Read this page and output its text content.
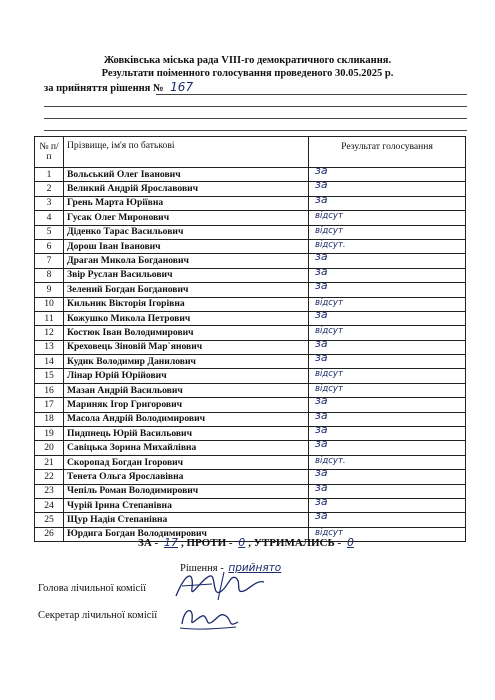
Жовківська міська рада VIII-го демократичного скликання.
Результати поіменного голосування проведеного 30.05.2025 р.
за прийняття рішення № 167
№ п/п	Прізвище, ім'я по батькові	Результат голосування
1	Вольський Олег Іванович	за

2	Великий Андрій Ярославович	за

3	Грень Марта Юріївна	за

4	Гусак Олег Миронович	відсут

5	Діденко Тарас Васильович	відсут

6	Дорош Іван Іванович	відсут.

7	Драган Микола Богданович	за

8	Звір Руслан Васильович	за

9	Зелений Богдан Богданович	за

10	Кильник Вікторія Ігорівна	відсут

11	Кожушко Микола Петрович	за

12	Костюк Іван Володимирович	відсут

13	Креховець Зіновій Мар`янович	за

14	Кудик Володимир Данилович	за

15	Лінар Юрій Юрійович	відсут

16	Мазан Андрій Васильович	відсут

17	Мариняк Ігор Григорович	за

18	Масола Андрій Володимирович	за

19	Пидпнець Юрій Васильович	за

20	Савіцька Зорина Михайлівна	за

21	Скоропад Богдан Ігорович	відсут.

22	Тенета Ольга Ярославівна	за

23	Чепіль Роман Володимирович	за

24	Чурій Ірина Степанівна	за

25	Щур Надія Степанівна	за

26	Юрдига Богдан Володимирович	відсут
ЗА - 17 , ПРОТИ - 0 , УТРИМАЛИСЬ - 0
Рішення - прийнято
Голова лічильної комісії
Секретар лічильної комісії
